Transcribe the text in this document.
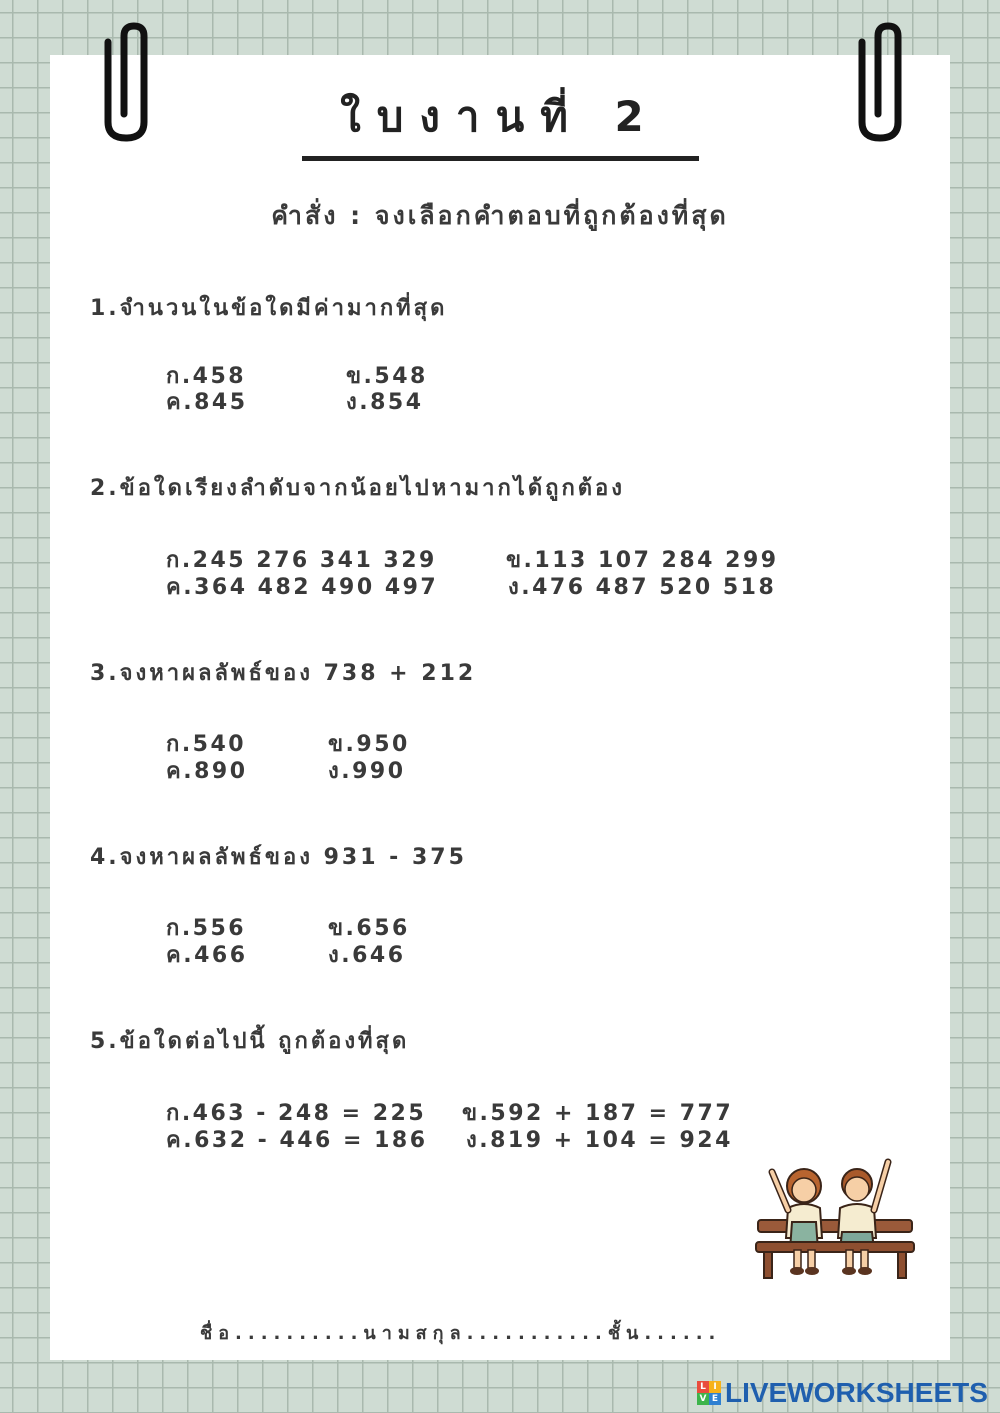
ใบงานที่ 2
คำสั่ง : จงเลือกคำตอบที่ถูกต้องที่สุด
1.จำนวนในข้อใดมีค่ามากที่สุด
ก.458	ข.548
ค.845	ง.854
2.ข้อใดเรียงลำดับจากน้อยไปหามากได้ถูกต้อง
ก.245 276 341 329	ข.113 107 284 299
ค.364 482 490 497	ง.476 487 520 518
3.จงหาผลลัพธ์ของ 738 + 212
ก.540	ข.950
ค.890	ง.990
4.จงหาผลลัพธ์ของ 931 - 375
ก.556	ข.656
ค.466	ง.646
5.ข้อใดต่อไปนี้ ถูกต้องที่สุด
ก.463 - 248 = 225 ข.592 + 187 = 777
ค.632 - 446 = 186 ง.819 + 104 = 924
ชื่อ..........นามสกุล...........ชั้น......
L I
V E LIVEWORKSHEETS
